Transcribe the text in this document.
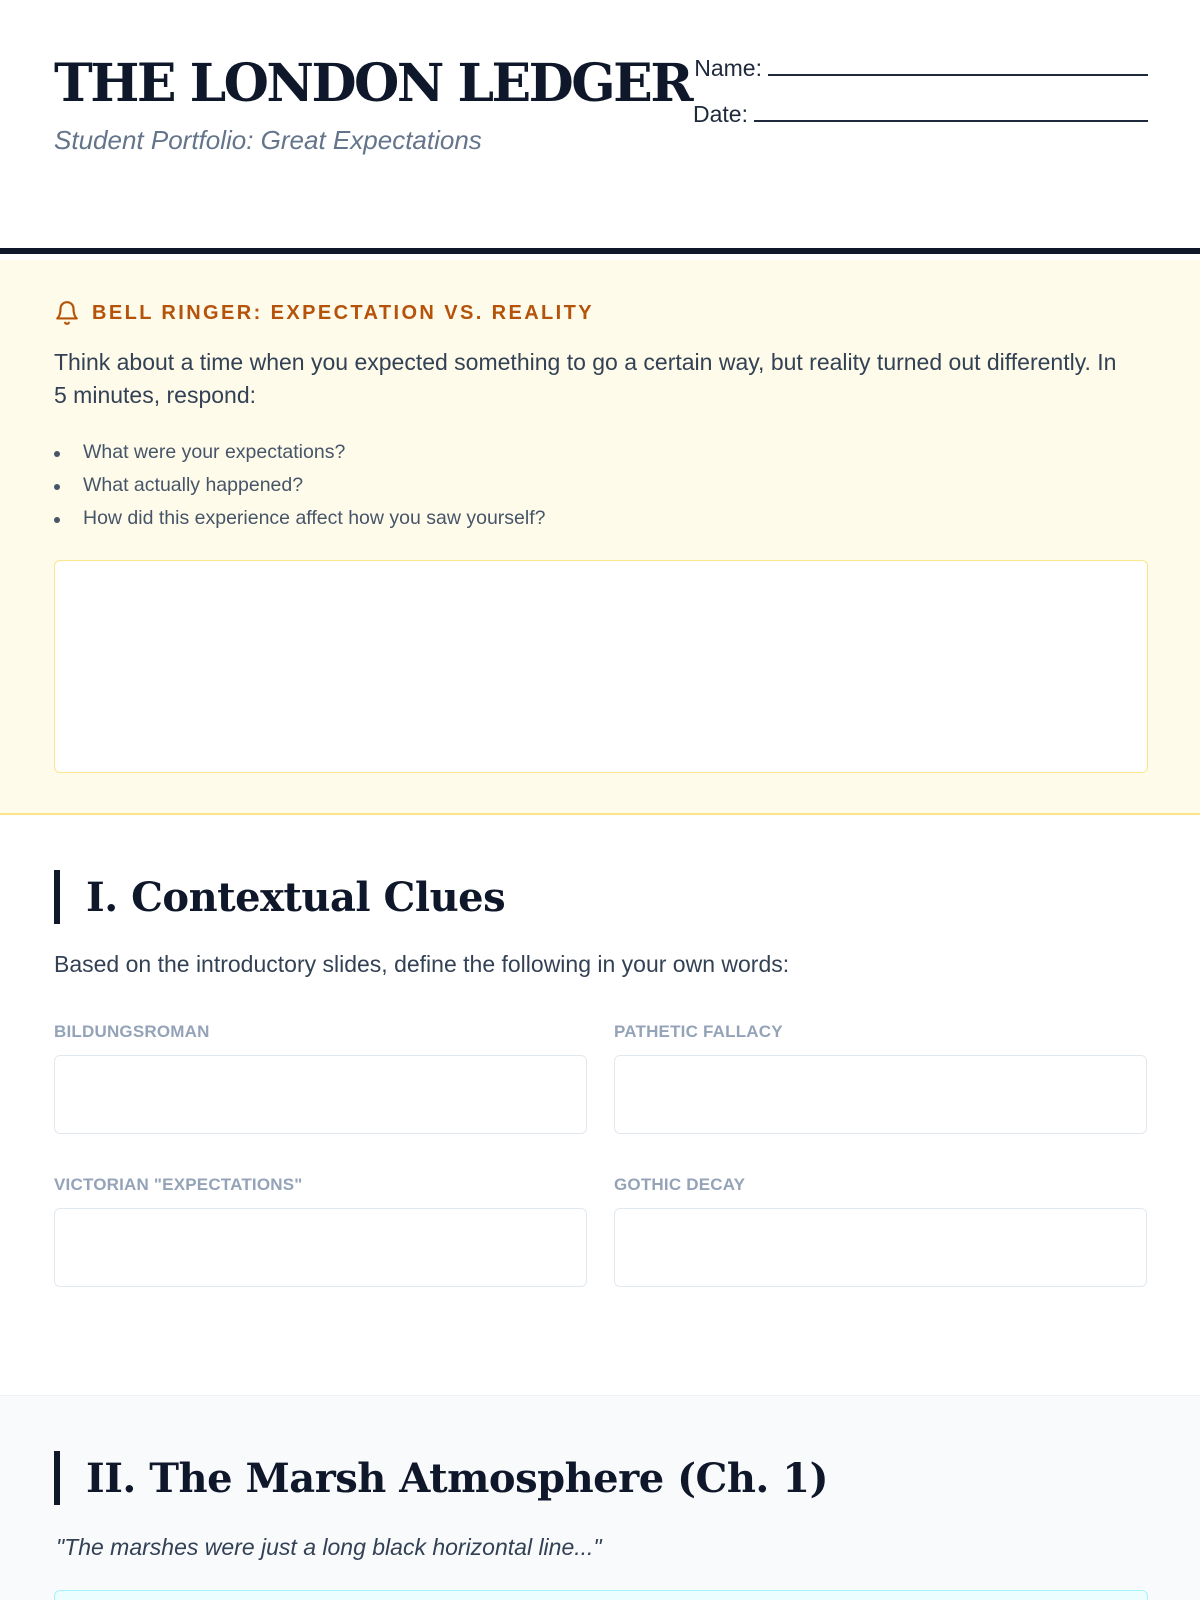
THE LONDON LEDGER

Student Portfolio: Great Expectations

Name:
Date:
BELL RINGER: EXPECTATION VS. REALITY

Think about a time when you expected something to go a certain way, but reality turned out differently. In 5 minutes, respond:

What were your expectations?
What actually happened?
How did this experience affect how you saw yourself?
I. Contextual Clues

Based on the introductory slides, define the following in your own words:

BILDUNGSROMAN	PATHETIC FALLACY
VICTORIAN "EXPECTATIONS"	GOTHIC DECAY
II. The Marsh Atmosphere (Ch. 1)

"The marshes were just a long black horizontal line..."
